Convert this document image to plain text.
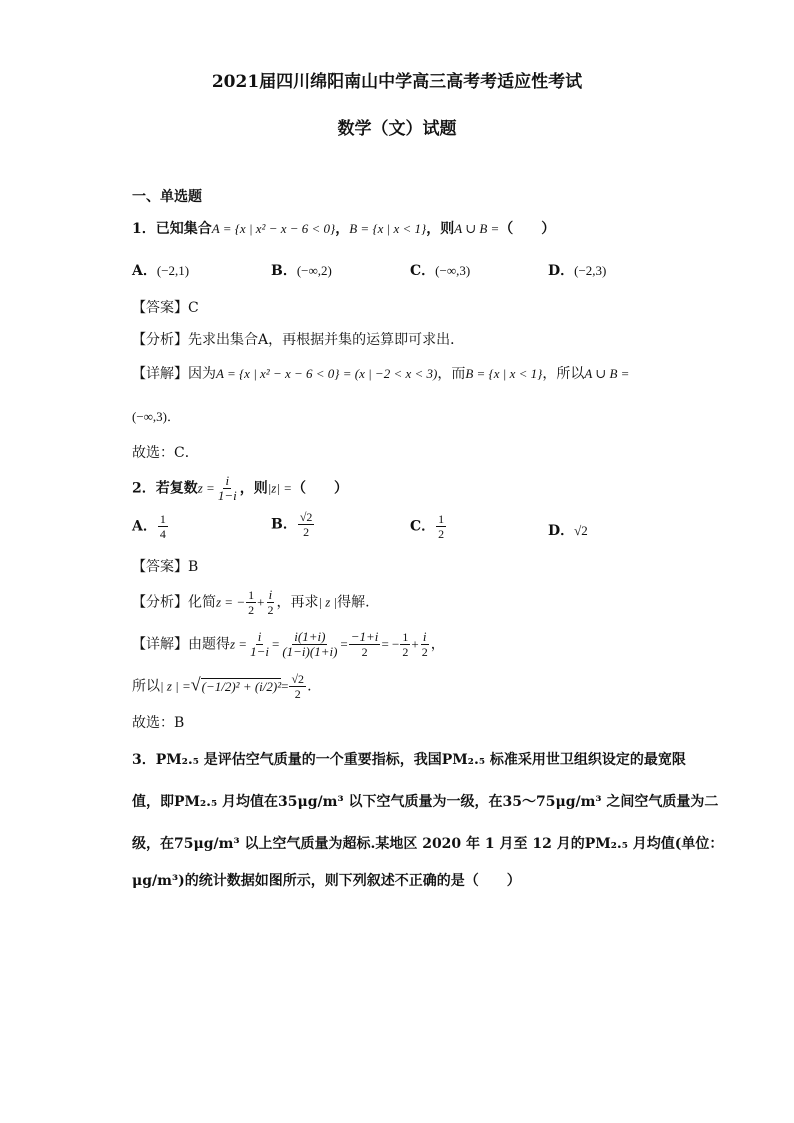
2021届四川绵阳南山中学高三高考考适应性考试
数学（文）试题
一、单选题
1．已知集合A = {x | x² − x − 6 < 0}，B = {x | x < 1}，则A ∪ B =（　　）
A．(−2,1)	B．(−∞,2)	C．(−∞,3)	D．(−2,3)
【答案】C
【分析】先求出集合A，再根据并集的运算即可求出．
【详解】因为A = {x | x² − x − 6 < 0} = (x | −2 < x < 3)，而B = {x | x < 1}，所以A ∪ B =
(−∞,3)．
故选：C．
2．若复数$z = \frac{i}{1-i}$ ，则|z| =（　　）
A． $\frac{1}{4}$	B． $\frac{√2}{2}$	C． $\frac{1}{2}$	D．√2
【答案】B
【分析】化简z = − $\frac{1}{2} + \frac{i}{2}$ ，再求| z |得解.
【详解】由题得$z = \frac{i}{1-i} = \frac{i(1+i)}{(1-i)(1+i)} = \frac{-1+i}{2}$ = − $\frac{1}{2} + \frac{i}{2}$ ，
所以| z | $=√(-1/2)^2 + (i/2)^2= \frac{√2}{2}$ .
故选：B
3．PM₂.₅ 是评估空气质量的一个重要指标，我国PM₂.₅ 标准采用世卫组织设定的最宽限
值，即PM₂.₅ 月均值在35μg/m³ 以下空气质量为一级，在35～75μg/m³ 之间空气质量为二
级，在75μg/m³ 以上空气质量为超标.某地区 2020 年 1 月至 12 月的PM₂.₅ 月均值(单位：
μg/m³)的统计数据如图所示，则下列叙述不正确的是（　　）
